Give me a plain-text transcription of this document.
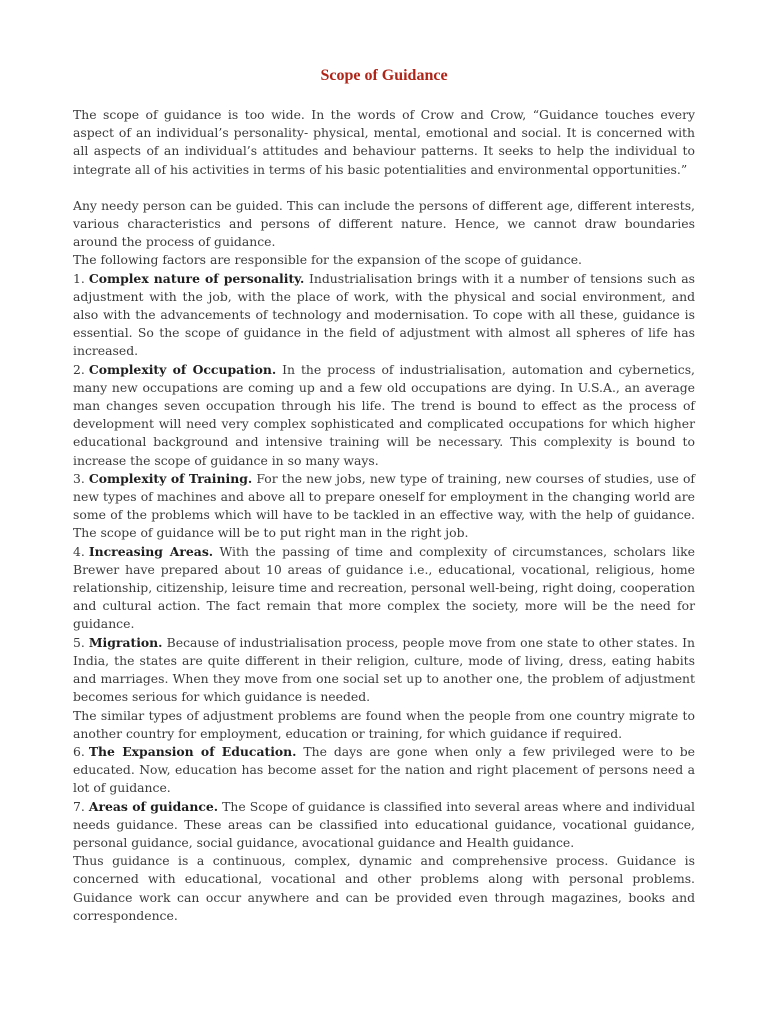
Scope of Guidance

The scope of guidance is too wide. In the words of Crow and Crow, “Guidance touches every aspect of an individual’s personality- physical, mental, emotional and social. It is concerned with all aspects of an individual’s attitudes and behaviour patterns. It seeks to help the individual to integrate all of his activities in terms of his basic potentialities and environmental opportunities.”

Any needy person can be guided. This can include the persons of different age, different interests, various characteristics and persons of different nature. Hence, we cannot draw boundaries around the process of guidance.

The following factors are responsible for the expansion of the scope of guidance.

1. Complex nature of personality. Industrialisation brings with it a number of tensions such as adjustment with the job, with the place of work, with the physical and social environment, and also with the advancements of technology and modernisation. To cope with all these, guidance is essential. So the scope of guidance in the field of adjustment with almost all spheres of life has increased.

2. Complexity of Occupation. In the process of industrialisation, automation and cybernetics, many new occupations are coming up and a few old occupations are dying. In U.S.A., an average man changes seven occupation through his life. The trend is bound to effect as the process of development will need very complex sophisticated and complicated occupations for which higher educational background and intensive training will be necessary. This complexity is bound to increase the scope of guidance in so many ways.

3. Complexity of Training. For the new jobs, new type of training, new courses of studies, use of new types of machines and above all to prepare oneself for employment in the changing world are some of the problems which will have to be tackled in an effective way, with the help of guidance. The scope of guidance will be to put right man in the right job.

4. Increasing Areas. With the passing of time and complexity of circumstances, scholars like Brewer have prepared about 10 areas of guidance i.e., educational, vocational, religious, home relationship, citizenship, leisure time and recreation, personal well-being, right doing, cooperation and cultural action. The fact remain that more complex the society, more will be the need for guidance.

5. Migration. Because of industrialisation process, people move from one state to other states. In India, the states are quite different in their religion, culture, mode of living, dress, eating habits and marriages. When they move from one social set up to another one, the problem of adjustment becomes serious for which guidance is needed.

The similar types of adjustment problems are found when the people from one country migrate to another country for employment, education or training, for which guidance if required.

6. The Expansion of Education. The days are gone when only a few privileged were to be educated. Now, education has become asset for the nation and right placement of persons need a lot of guidance.

7. Areas of guidance. The Scope of guidance is classified into several areas where and individual needs guidance. These areas can be classified into educational guidance, vocational guidance, personal guidance, social guidance, avocational guidance and Health guidance.

Thus guidance is a continuous, complex, dynamic and comprehensive process. Guidance is concerned with educational, vocational and other problems along with personal problems. Guidance work can occur anywhere and can be provided even through magazines, books and correspondence.
